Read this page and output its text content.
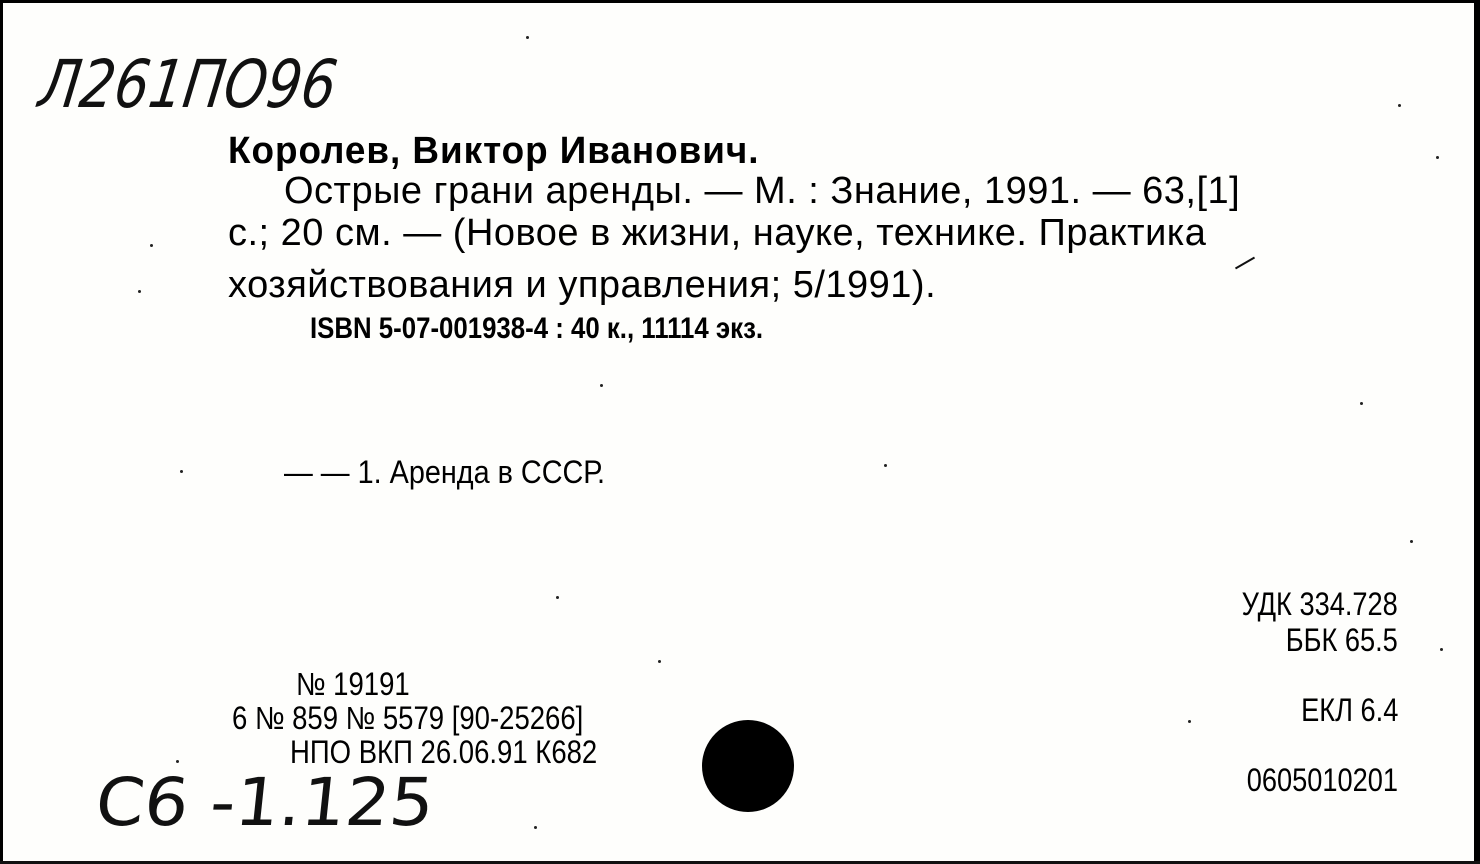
Л261ПО96
Королев, Виктор Иванович.
Острые грани аренды. — М. : Знание, 1991. — 63,[1]
с.; 20 см. — (Новое в жизни, науке, технике. Практика
хозяйствования и управления; 5/1991).
ISBN 5-07-001938-4 : 40 к., 11114 экз.
— — 1. Аренда в СССР.
УДК 334.728
ББК 65.5
ЕКЛ 6.4
0605010201
№ 19191
6 № 859 № 5579 [90-25266]
НПО ВКП 26.06.91 К682
С6 -1.125
